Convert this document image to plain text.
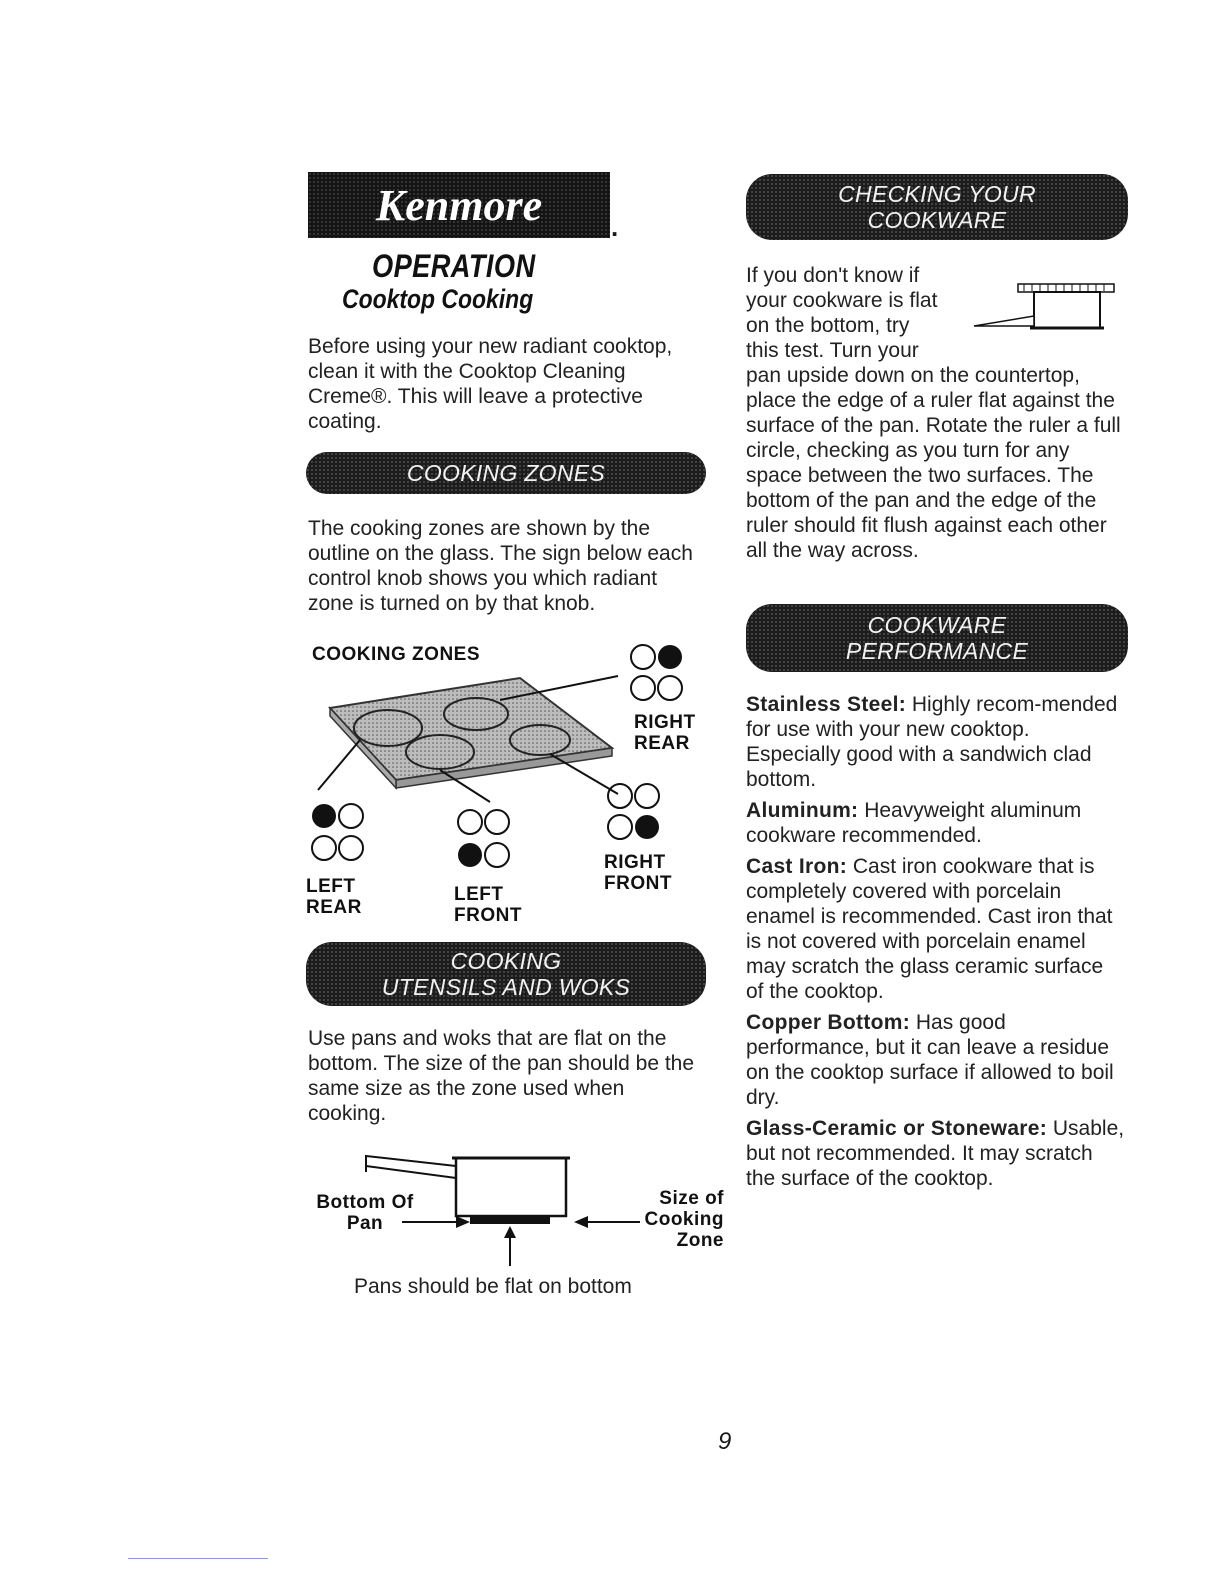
Kenmore	.
OPERATION
Cooktop Cooking
Before using your new radiant cooktop, clean it with the Cooktop Cleaning Creme®. This will leave a protective coating.
COOKING ZONES
The cooking zones are shown by the outline on the glass. The sign below each control knob shows you which radiant zone is turned on by that knob.
COOKING ZONES
RIGHT
REAR
RIGHT
FRONT
LEFT
REAR
LEFT
FRONT
COOKING
UTENSILS AND WOKS
Use pans and woks that are flat on the bottom. The size of the pan should be the same size as the zone used when cooking.
Bottom Of
Pan
Size of
Cooking
Zone
Pans should be flat on bottom
CHECKING YOUR
COOKWARE
If you don't know if
your cookware is flat
on the bottom, try
this test. Turn your
pan upside down on the countertop, place the edge of a ruler flat against the surface of the pan. Rotate the ruler a full circle, checking as you turn for any space between the two surfaces. The bottom of the pan and the edge of the ruler should fit flush against each other all the way across.
COOKWARE
PERFORMANCE
Stainless Steel: Highly recom-mended for use with your new cooktop. Especially good with a sandwich clad bottom.
Aluminum: Heavyweight aluminum cookware recommended.
Cast Iron: Cast iron cookware that is completely covered with porcelain enamel is recommended. Cast iron that is not covered with porcelain enamel may scratch the glass ceramic surface of the cooktop.
Copper Bottom: Has good performance, but it can leave a residue on the cooktop surface if allowed to boil dry.
Glass-Ceramic or Stoneware: Usable, but not recommended. It may scratch the surface of the cooktop.
9
